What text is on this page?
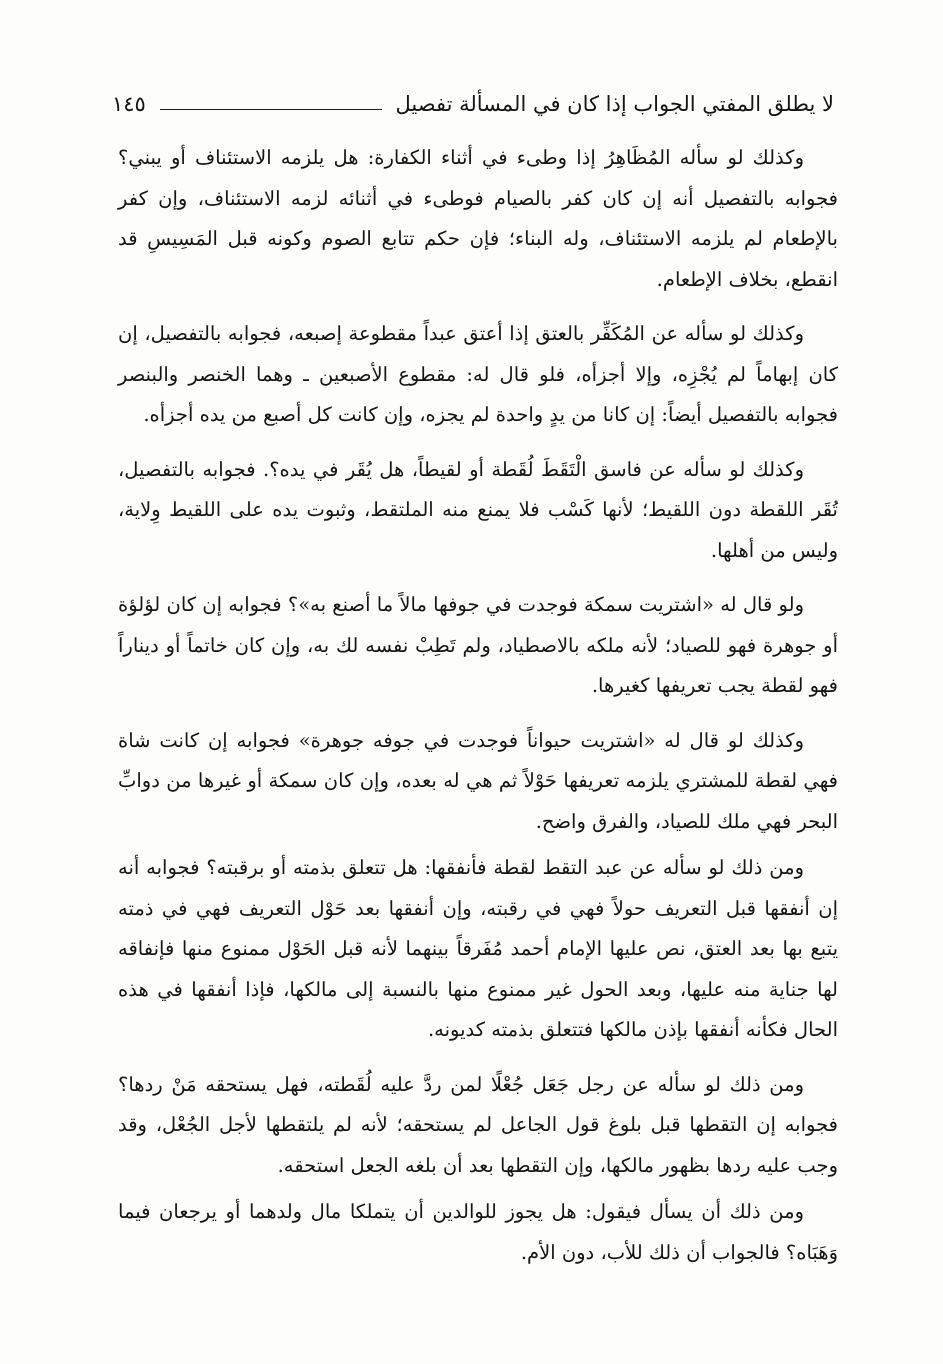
لا يطلق المفتي الجواب إذا كان في المسألة تفصيل
١٤٥

وكذلك لو سأله المُظَاهِرُ إذا وطىء في أثناء الكفارة: هل يلزمه الاستئناف أو يبني؟ فجوابه بالتفصيل أنه إن كان كفر بالصيام فوطىء في أثنائه لزمه الاستئناف، وإن كفر بالإطعام لم يلزمه الاستئناف، وله البناء؛ فإن حكم تتابع الصوم وكونه قبل المَسِيسِ قد انقطع، بخلاف الإطعام.

وكذلك لو سأله عن المُكَفِّر بالعتق إذا أعتق عبداً مقطوعة إصبعه، فجوابه بالتفصيل، إن كان إبهاماً لم يُجْزِه، وإلا أجزأه، فلو قال له: مقطوع الأصبعين ـ وهما الخنصر والبنصر فجوابه بالتفصيل أيضاً: إن كانا من يدٍ واحدة لم يجزه، وإن كانت كل أصبع من يده أجزأه.

وكذلك لو سأله عن فاسق الْتَقَطَ لُقَطة أو لقيطاً، هل يُقَر في يده؟. فجوابه بالتفصيل، تُقَر اللقطة دون اللقيط؛ لأنها كَسْب فلا يمنع منه الملتقط، وثبوت يده على اللقيط وِلاية، وليس من أهلها.

ولو قال له «اشتريت سمكة فوجدت في جوفها مالاً ما أصنع به»؟ فجوابه إن كان لؤلؤة أو جوهرة فهو للصياد؛ لأنه ملكه بالاصطياد، ولم تَطِبْ نفسه لك به، وإن كان خاتماً أو ديناراً فهو لقطة يجب تعريفها كغيرها.

وكذلك لو قال له «اشتريت حيواناً فوجدت في جوفه جوهرة» فجوابه إن كانت شاة فهي لقطة للمشتري يلزمه تعريفها حَوْلاً ثم هي له بعده، وإن كان سمكة أو غيرها من دوابِّ البحر فهي ملك للصياد، والفرق واضح.

ومن ذلك لو سأله عن عبد التقط لقطة فأنفقها: هل تتعلق بذمته أو برقبته؟ فجوابه أنه إن أنفقها قبل التعريف حولاً فهي في رقبته، وإن أنفقها بعد حَوْل التعريف فهي في ذمته يتبع بها بعد العتق، نص عليها الإمام أحمد مُفَرقاً بينهما لأنه قبل الحَوْل ممنوع منها فإنفاقه لها جناية منه عليها، وبعد الحول غير ممنوع منها بالنسبة إلى مالكها، فإذا أنفقها في هذه الحال فكأنه أنفقها بإذن مالكها فتتعلق بذمته كديونه.

ومن ذلك لو سأله عن رجل جَعَل جُعْلًا لمن ردَّ عليه لُقَطته، فهل يستحقه مَنْ ردها؟ فجوابه إن التقطها قبل بلوغ قول الجاعل لم يستحقه؛ لأنه لم يلتقطها لأجل الجُعْل، وقد وجب عليه ردها بظهور مالكها، وإن التقطها بعد أن بلغه الجعل استحقه.

ومن ذلك أن يسأل فيقول: هل يجوز للوالدين أن يتملكا مال ولدهما أو يرجعان فيما وَهَبَاه؟ فالجواب أن ذلك للأب، دون الأم.
